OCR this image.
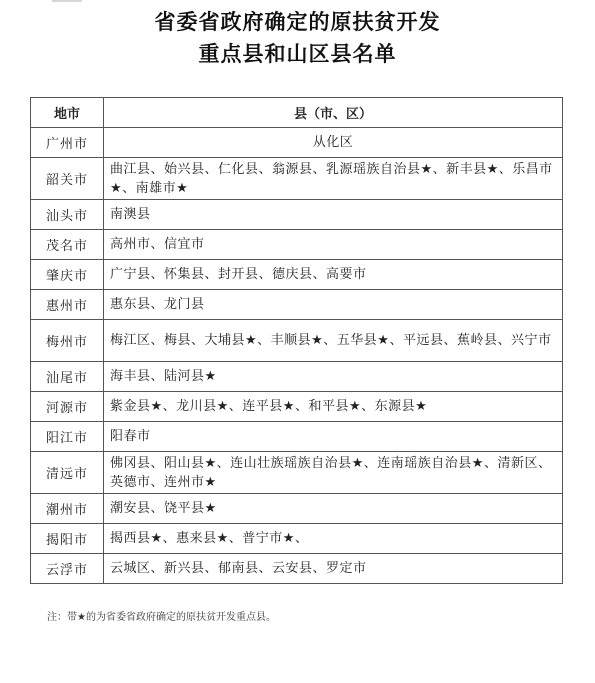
省委省政府确定的原扶贫开发
重点县和山区县名单
地市	县（市、区）
广州市	从化区
韶关市	曲江县、始兴县、仁化县、翁源县、乳源瑶族自治县★、新丰县★、乐昌市★、南雄市★
汕头市	南澳县
茂名市	高州市、信宜市
肇庆市	广宁县、怀集县、封开县、德庆县、高要市
惠州市	惠东县、龙门县
梅州市	梅江区、梅县、大埔县★、丰顺县★、五华县★、平远县、蕉岭县、兴宁市
汕尾市	海丰县、陆河县★
河源市	紫金县★、龙川县★、连平县★、和平县★、东源县★
阳江市	阳春市
清远市	佛冈县、阳山县★、连山壮族瑶族自治县★、连南瑶族自治县★、清新区、英德市、连州市★
潮州市	潮安县、饶平县★
揭阳市	揭西县★、惠来县★、普宁市★、
云浮市	云城区、新兴县、郁南县、云安县、罗定市
注：带★的为省委省政府确定的原扶贫开发重点县。
